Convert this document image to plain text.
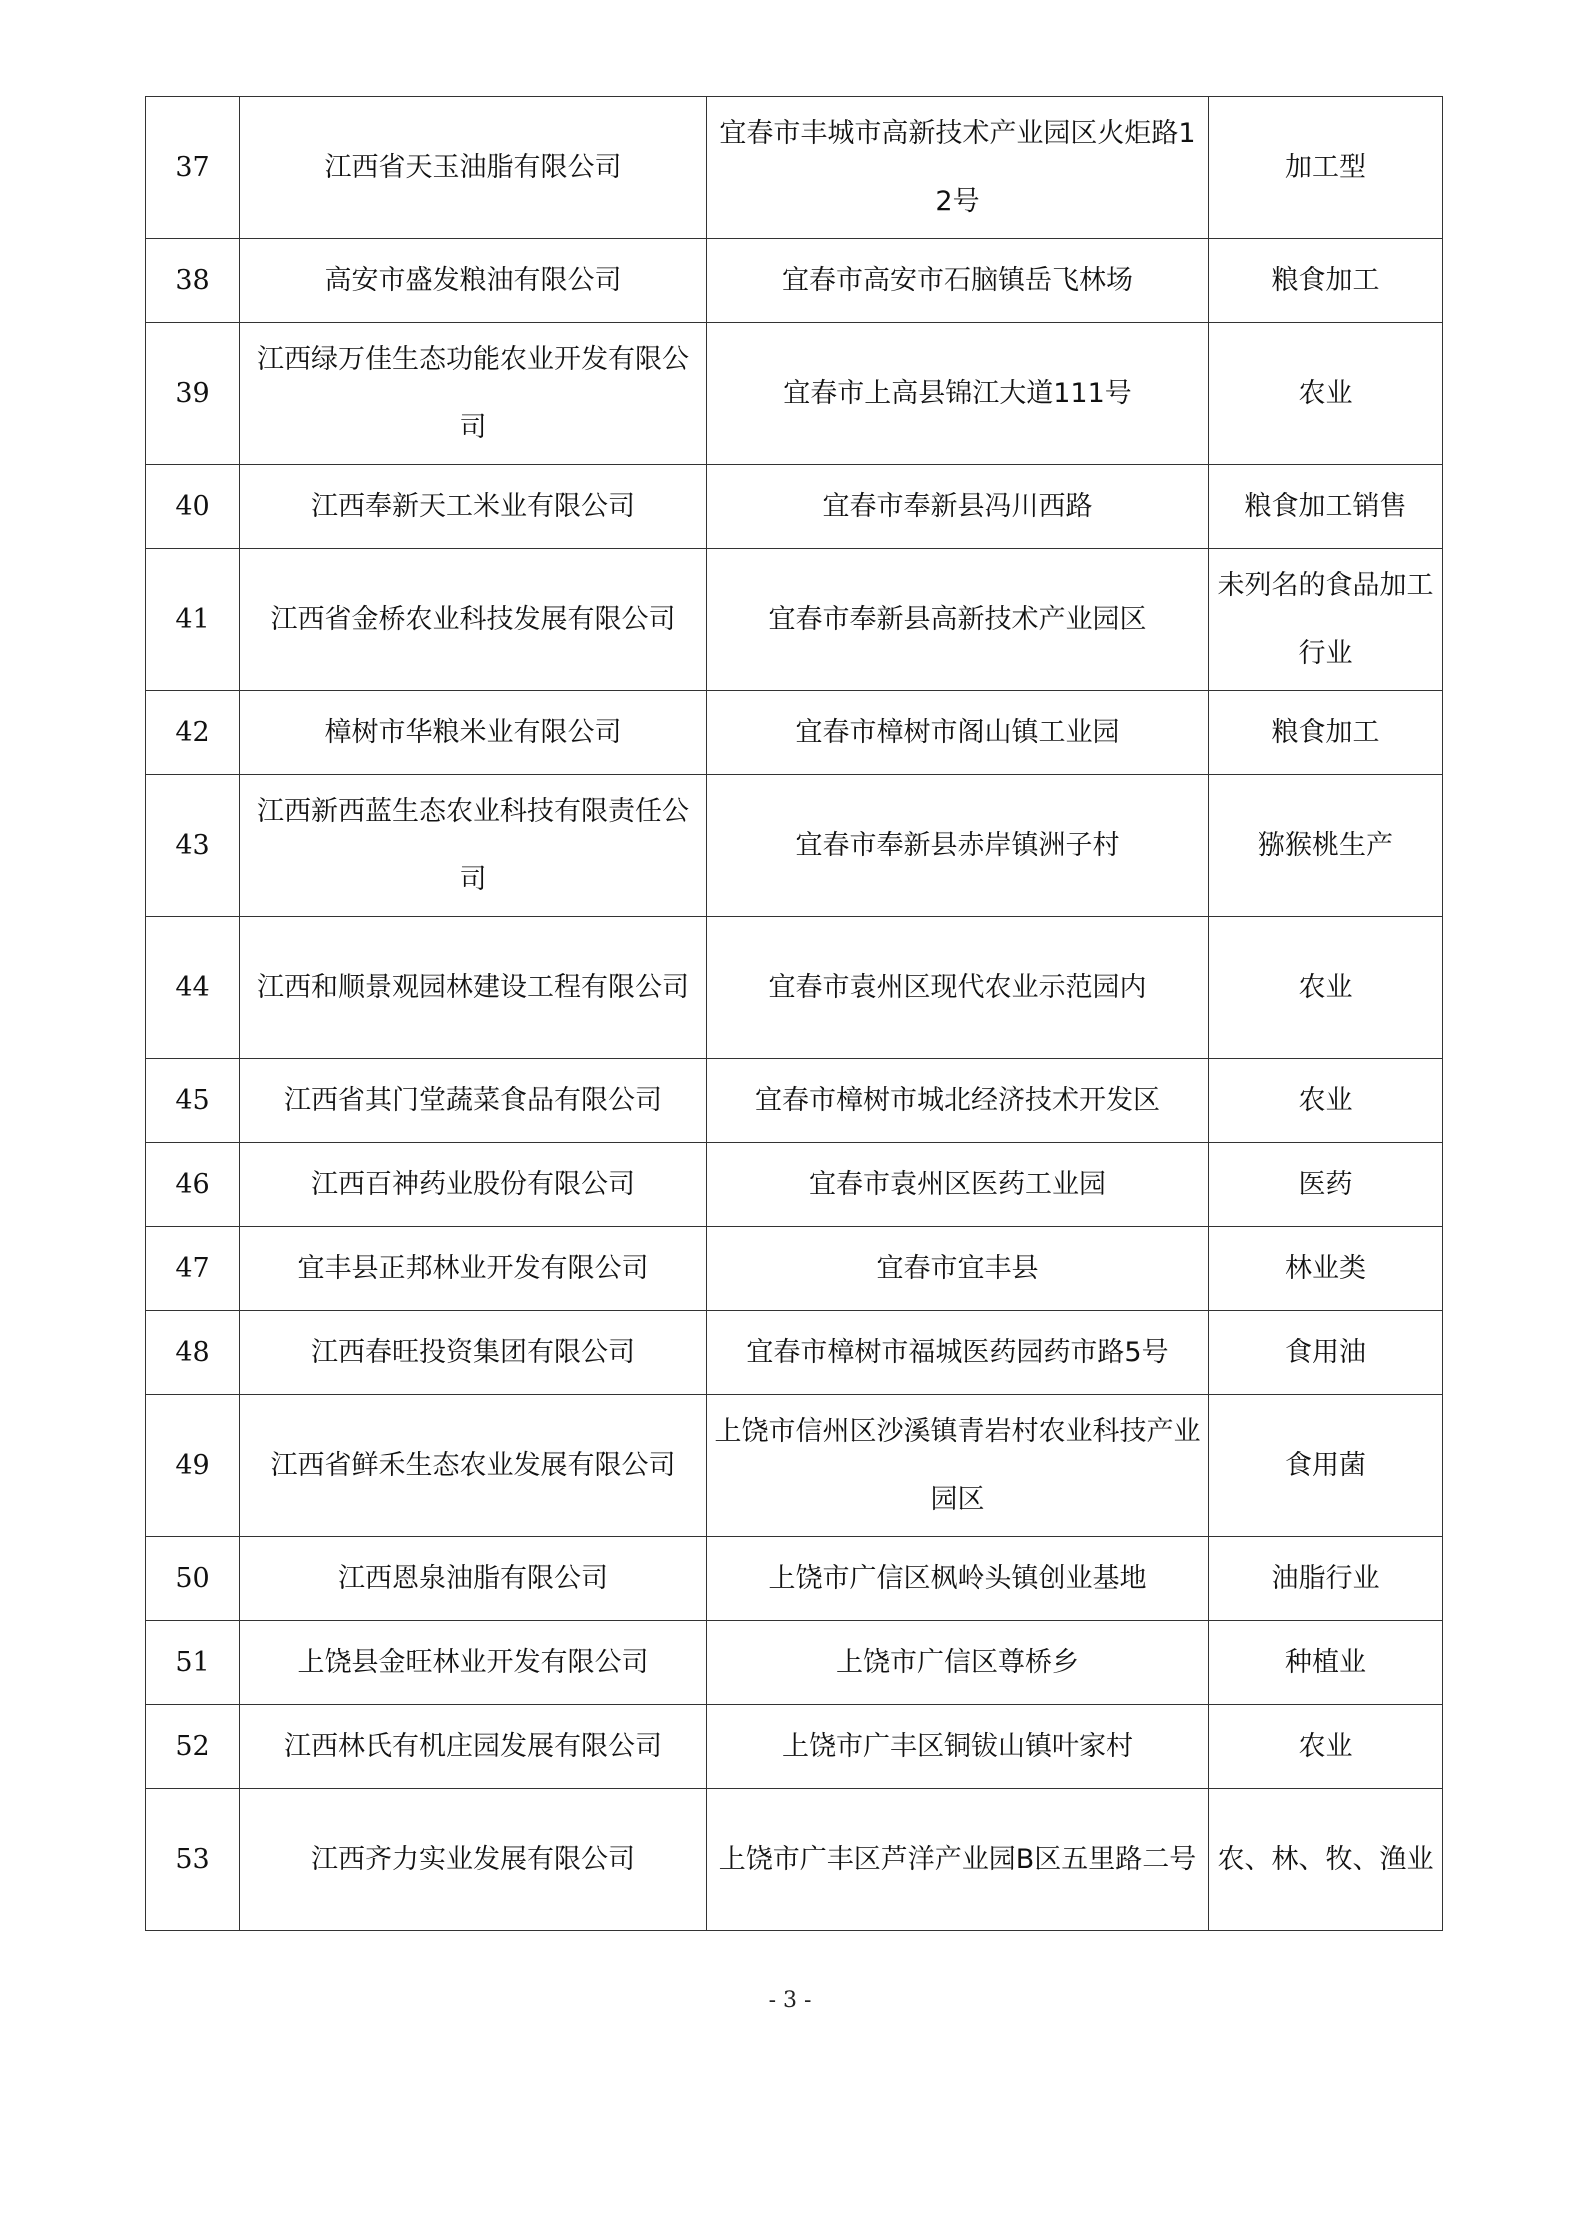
37	江西省天玉油脂有限公司	宜春市丰城市高新技术产业园区火炬路12号	加工型
38	高安市盛发粮油有限公司	宜春市高安市石脑镇岳飞林场	粮食加工
39	江西绿万佳生态功能农业开发有限公司	宜春市上高县锦江大道111号	农业
40	江西奉新天工米业有限公司	宜春市奉新县冯川西路	粮食加工销售
41	江西省金桥农业科技发展有限公司	宜春市奉新县高新技术产业园区	未列名的食品加工行业
42	樟树市华粮米业有限公司	宜春市樟树市阁山镇工业园	粮食加工
43	江西新西蓝生态农业科技有限责任公司	宜春市奉新县赤岸镇洲子村	猕猴桃生产
44	江西和顺景观园林建设工程有限公司	宜春市袁州区现代农业示范园内	农业
45	江西省其门堂蔬菜食品有限公司	宜春市樟树市城北经济技术开发区	农业
46	江西百神药业股份有限公司	宜春市袁州区医药工业园	医药
47	宜丰县正邦林业开发有限公司	宜春市宜丰县	林业类
48	江西春旺投资集团有限公司	宜春市樟树市福城医药园药市路5号	食用油
49	江西省鲜禾生态农业发展有限公司	上饶市信州区沙溪镇青岩村农业科技产业园区	食用菌
50	江西恩泉油脂有限公司	上饶市广信区枫岭头镇创业基地	油脂行业
51	上饶县金旺林业开发有限公司	上饶市广信区尊桥乡	种植业
52	江西林氏有机庄园发展有限公司	上饶市广丰区铜钹山镇叶家村	农业
53	江西齐力实业发展有限公司	上饶市广丰区芦洋产业园B区五里路二号	农、林、牧、渔业
- 3 -
